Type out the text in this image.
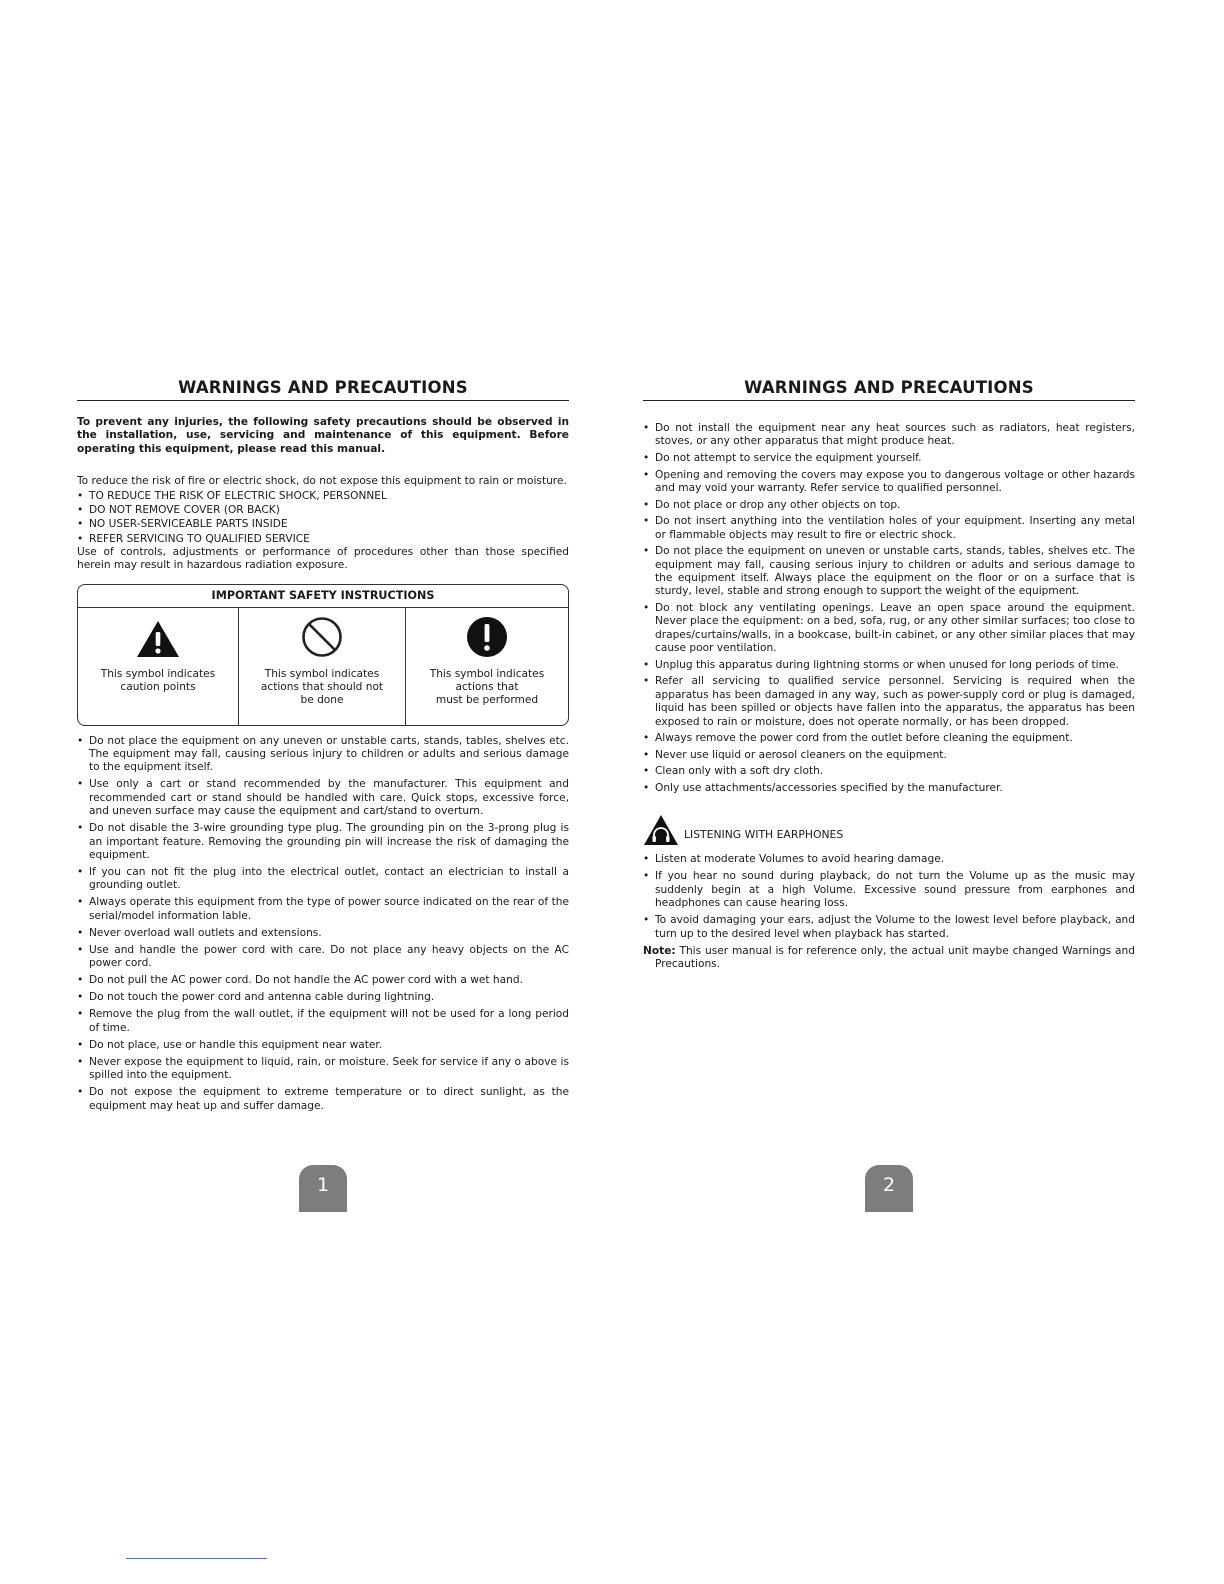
WARNINGS AND PRECAUTIONS

To prevent any injuries, the following safety precautions should be observed in the installation, use, servicing and maintenance of this equipment. Before operating this equipment, please read this manual.

To reduce the risk of fire or electric shock, do not expose this equipment to rain or moisture.

• TO REDUCE THE RISK OF ELECTRIC SHOCK, PERSONNEL
• DO NOT REMOVE COVER (OR BACK)
• NO USER-SERVICEABLE PARTS INSIDE
• REFER SERVICING TO QUALIFIED SERVICE

Use of controls, adjustments or performance of procedures other than those specified herein may result in hazardous radiation exposure.

IMPORTANT SAFETY INSTRUCTIONS
This symbol indicates
caution points
This symbol indicates
actions that should not
be done
This symbol indicates
actions that
must be performed
• Do not place the equipment on any uneven or unstable carts, stands, tables, shelves etc. The equipment may fall, causing serious injury to children or adults and serious damage to the equipment itself.
• Use only a cart or stand recommended by the manufacturer. This equipment and recommended cart or stand should be handled with care. Quick stops, excessive force, and uneven surface may cause the equipment and cart/stand to overturn.
• Do not disable the 3-wire grounding type plug. The grounding pin on the 3-prong plug is an important feature. Removing the grounding pin will increase the risk of damaging the equipment.
• If you can not fit the plug into the electrical outlet, contact an electrician to install a grounding outlet.
• Always operate this equipment from the type of power source indicated on the rear of the serial/model information lable.
• Never overload wall outlets and extensions.
• Use and handle the power cord with care. Do not place any heavy objects on the AC power cord.
• Do not pull the AC power cord. Do not handle the AC power cord with a wet hand.
• Do not touch the power cord and antenna cable during lightning.
• Remove the plug from the wall outlet, if the equipment will not be used for a long period of time.
• Do not place, use or handle this equipment near water.
• Never expose the equipment to liquid, rain, or moisture. Seek for service if any o above is spilled into the equipment.
• Do not expose the equipment to extreme temperature or to direct sunlight, as the equipment may heat up and suffer damage.
WARNINGS AND PRECAUTIONS
• Do not install the equipment near any heat sources such as radiators, heat registers, stoves, or any other apparatus that might produce heat.
• Do not attempt to service the equipment yourself.
• Opening and removing the covers may expose you to dangerous voltage or other hazards and may void your warranty. Refer service to qualified personnel.
• Do not place or drop any other objects on top.
• Do not insert anything into the ventilation holes of your equipment. Inserting any metal or flammable objects may result to fire or electric shock.
• Do not place the equipment on uneven or unstable carts, stands, tables, shelves etc. The equipment may fall, causing serious injury to children or adults and serious damage to the equipment itself. Always place the equipment on the floor or on a surface that is sturdy, level, stable and strong enough to support the weight of the equipment.
• Do not block any ventilating openings. Leave an open space around the equipment. Never place the equipment: on a bed, sofa, rug, or any other similar surfaces; too close to drapes/curtains/walls, in a bookcase, built-in cabinet, or any other similar places that may cause poor ventilation.
• Unplug this apparatus during lightning storms or when unused for long periods of time.
• Refer all servicing to qualified service personnel. Servicing is required when the apparatus has been damaged in any way, such as power-supply cord or plug is damaged, liquid has been spilled or objects have fallen into the apparatus, the apparatus has been exposed to rain or moisture, does not operate normally, or has been dropped.
• Always remove the power cord from the outlet before cleaning the equipment.
• Never use liquid or aerosol cleaners on the equipment.
• Clean only with a soft dry cloth.
• Only use attachments/accessories specified by the manufacturer.
LISTENING WITH EARPHONES
• Listen at moderate Volumes to avoid hearing damage.
• If you hear no sound during playback, do not turn the Volume up as the music may suddenly begin at a high Volume. Excessive sound pressure from earphones and headphones can cause hearing loss.
• To avoid damaging your ears, adjust the Volume to the lowest level before playback, and turn up to the desired level when playback has started.

Note: This user manual is for reference only, the actual unit maybe changed Warnings and Precautions.

1	2
